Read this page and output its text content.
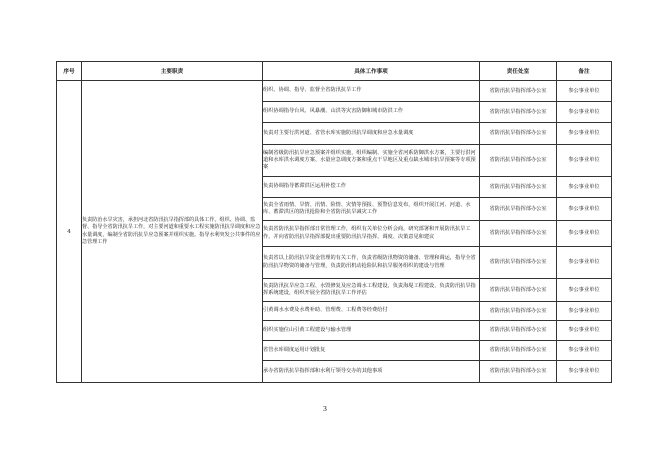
序号	主要职责	具体工作事项	责任处室	备注
4	负责防治水旱灾害，承担河北省防汛抗旱指挥部的具体工作。组织、协调、监督、指导全省防汛抗旱工作，对主要河道和重要水工程实施防汛抗旱调度和应急水量调度，编制全省防汛抗旱应急预案并组织实施。指导水利突发公共事件的应急管理工作	组织、协调、指导、监督全省防汛抗旱工作	省防汛抗旱指挥部办公室	参公事业单位
		组织协调指导台风、风暴潮、山洪等灾害防御和城市防洪工作	省防汛抗旱指挥部办公室	参公事业单位
		负责对主要行洪河道、省管水库实施防汛抗旱调度和应急水量调度	省防汛抗旱指挥部办公室	参公事业单位
		编制省级防汛抗旱应急预案并组织实施，组织编制、实施全省河系防御洪水方案，主要行洪河道和水库洪水调度方案、水量应急调度方案和重点干旱地区及重点缺水城市抗旱预案等专项预案	省防汛抗旱指挥部办公室	参公事业单位
		负责协调指导蓄滞洪区运用补偿工作	省防汛抗旱指挥部办公室	参公事业单位
		负责全省雨情、旱情、汛情、险情、灾情等预报、预警信息发布，组织开展江河、河道、水库、蓄滞洪区的防汛抢险和全省防汛抗旱减灾工作	省防汛抗旱指挥部办公室	参公事业单位
		负责省防汛抗旱指挥部日常管理工作，组织有关单位分析会商，研究部署和开展防汛抗旱工作，并向省防汛抗旱指挥部提出重要防汛抗旱指挥、调度、决策意见和建议	省防汛抗旱指挥部办公室	参公事业单位
		负责省以上防汛抗旱资金管理的有关工作，负责省级防汛物资的储备、管理和调运，指导全省防汛抗旱物资的储备与管理，负责防汛机动抢险队和抗旱服务组织的建设与管理	省防汛抗旱指挥部办公室	参公事业单位
		负责防汛抗旱应急工程、水毁修复及应急调水工程建设，负责海堤工程建设，负责防汛抗旱指挥系统建设，组织开展全省防汛抗旱工作评估	省防汛抗旱指挥部办公室	参公事业单位
		引黄调水水费及水费补助、管理费、工程费等经费给付	省防汛抗旱指挥部办公室	参公事业单位
		组织实施位山引黄工程建设与输水管理	省防汛抗旱指挥部办公室	参公事业单位
		省管水库调度运用计划批复	省防汛抗旱指挥部办公室	参公事业单位
		承办省防汛抗旱指挥部和水利厅领导交办的其他事项	省防汛抗旱指挥部办公室	参公事业单位
3
